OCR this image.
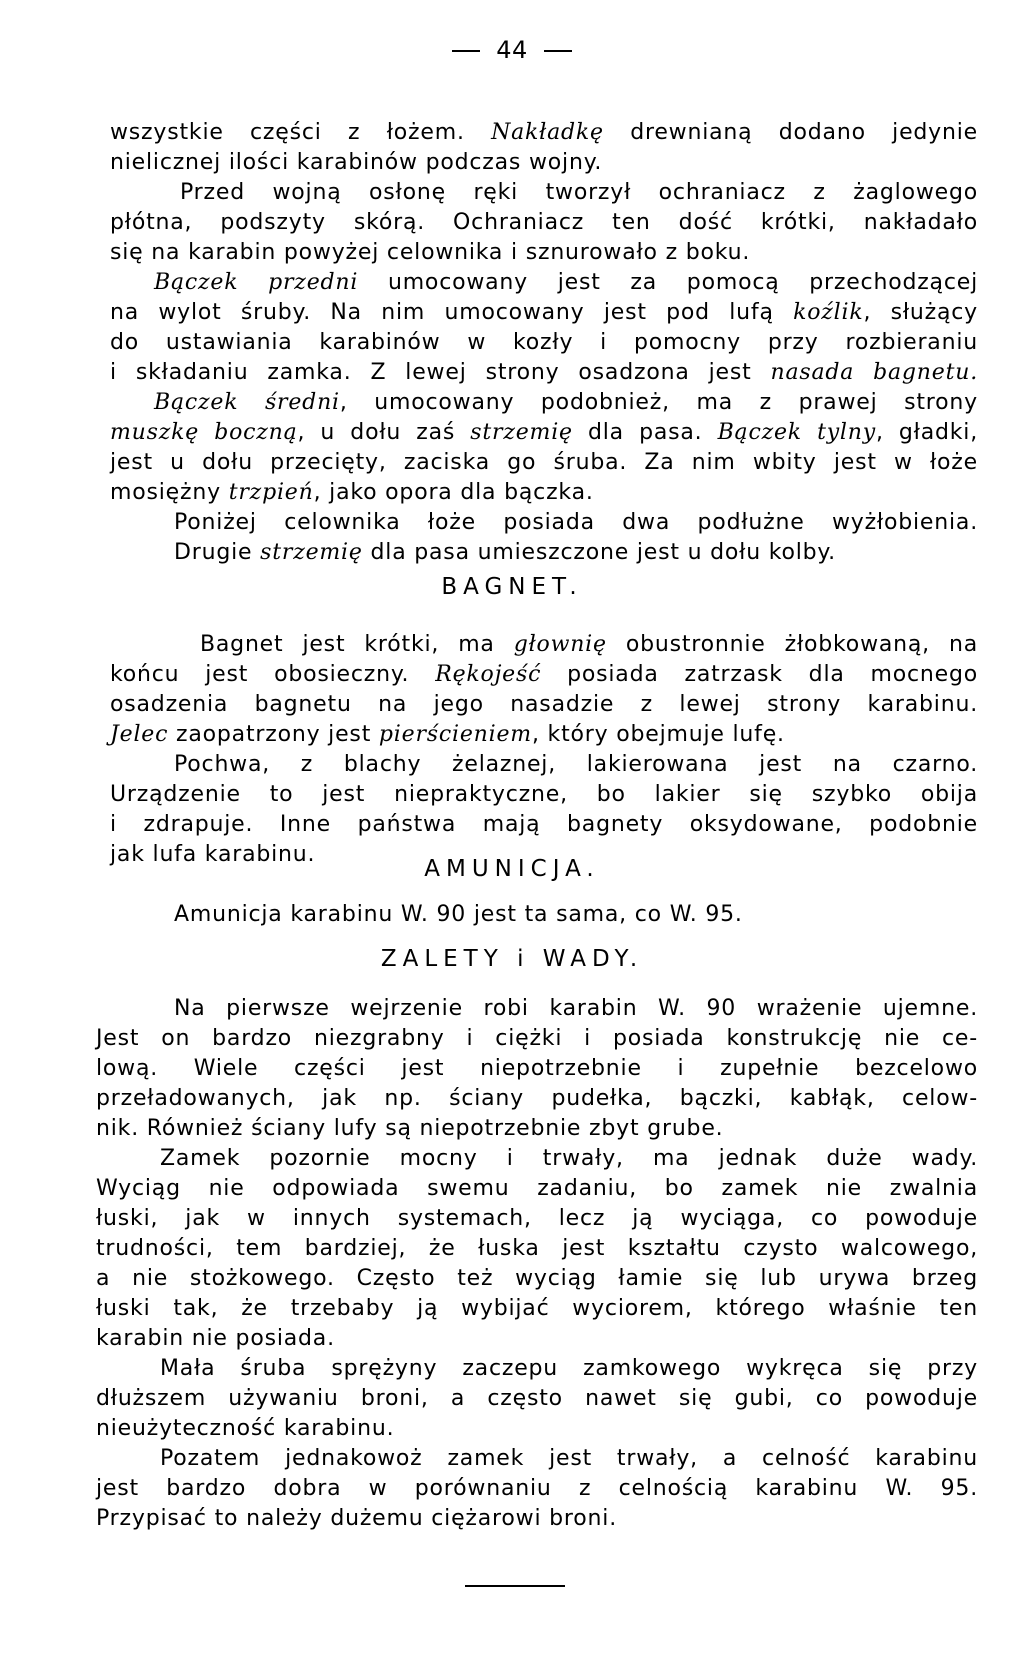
44
wszystkie części z łożem. Nakładkę drewnianą dodano jedynie
nielicznej ilości karabinów podczas wojny.
Przed wojną osłonę ręki tworzył ochraniacz z żaglowego
płótna, podszyty skórą. Ochraniacz ten dość krótki, nakładało
się na karabin powyżej celownika i sznurowało z boku.
Bączek przedni umocowany jest za pomocą przechodzącej
na wylot śruby. Na nim umocowany jest pod lufą koźlik, służący
do ustawiania karabinów w kozły i pomocny przy rozbieraniu
i składaniu zamka. Z lewej strony osadzona jest nasada bagnetu.
Bączek średni, umocowany podobnież, ma z prawej strony
muszkę boczną, u dołu zaś strzemię dla pasa. Bączek tylny, gładki,
jest u dołu przecięty, zaciska go śruba. Za nim wbity jest w łoże
mosiężny trzpień, jako opora dla bączka.
Poniżej celownika łoże posiada dwa podłużne wyżłobienia.
Drugie strzemię dla pasa umieszczone jest u dołu kolby.
Bagnet jest krótki, ma głownię obustronnie żłobkowaną, na
końcu jest obosieczny. Rękojeść posiada zatrzask dla mocnego
osadzenia bagnetu na jego nasadzie z lewej strony karabinu.
Jelec zaopatrzony jest pierścieniem, który obejmuje lufę.
Pochwa, z blachy żelaznej, lakierowana jest na czarno.
Urządzenie to jest niepraktyczne, bo lakier się szybko obija
i zdrapuje. Inne państwa mają bagnety oksydowane, podobnie
jak lufa karabinu.
Amunicja karabinu W. 90 jest ta sama, co W. 95.
Na pierwsze wejrzenie robi karabin W. 90 wrażenie ujemne.
Jest on bardzo niezgrabny i ciężki i posiada konstrukcję nie ce-
lową. Wiele części jest niepotrzebnie i zupełnie bezcelowo
przeładowanych, jak np. ściany pudełka, bączki, kabłąk, celow-
nik. Również ściany lufy są niepotrzebnie zbyt grube.
Zamek pozornie mocny i trwały, ma jednak duże wady.
Wyciąg nie odpowiada swemu zadaniu, bo zamek nie zwalnia
łuski, jak w innych systemach, lecz ją wyciąga, co powoduje
trudności, tem bardziej, że łuska jest kształtu czysto walcowego,
a nie stożkowego. Często też wyciąg łamie się lub urywa brzeg
łuski tak, że trzebaby ją wybijać wyciorem, którego właśnie ten
karabin nie posiada.
Mała śruba sprężyny zaczepu zamkowego wykręca się przy
dłuższem używaniu broni, a często nawet się gubi, co powoduje
nieużyteczność karabinu.
Pozatem jednakowoż zamek jest trwały, a celność karabinu
jest bardzo dobra w porównaniu z celnością karabinu W. 95.
Przypisać to należy dużemu ciężarowi broni.
BAGNET.
AMUNICJA.
ZALETY i WADY.
